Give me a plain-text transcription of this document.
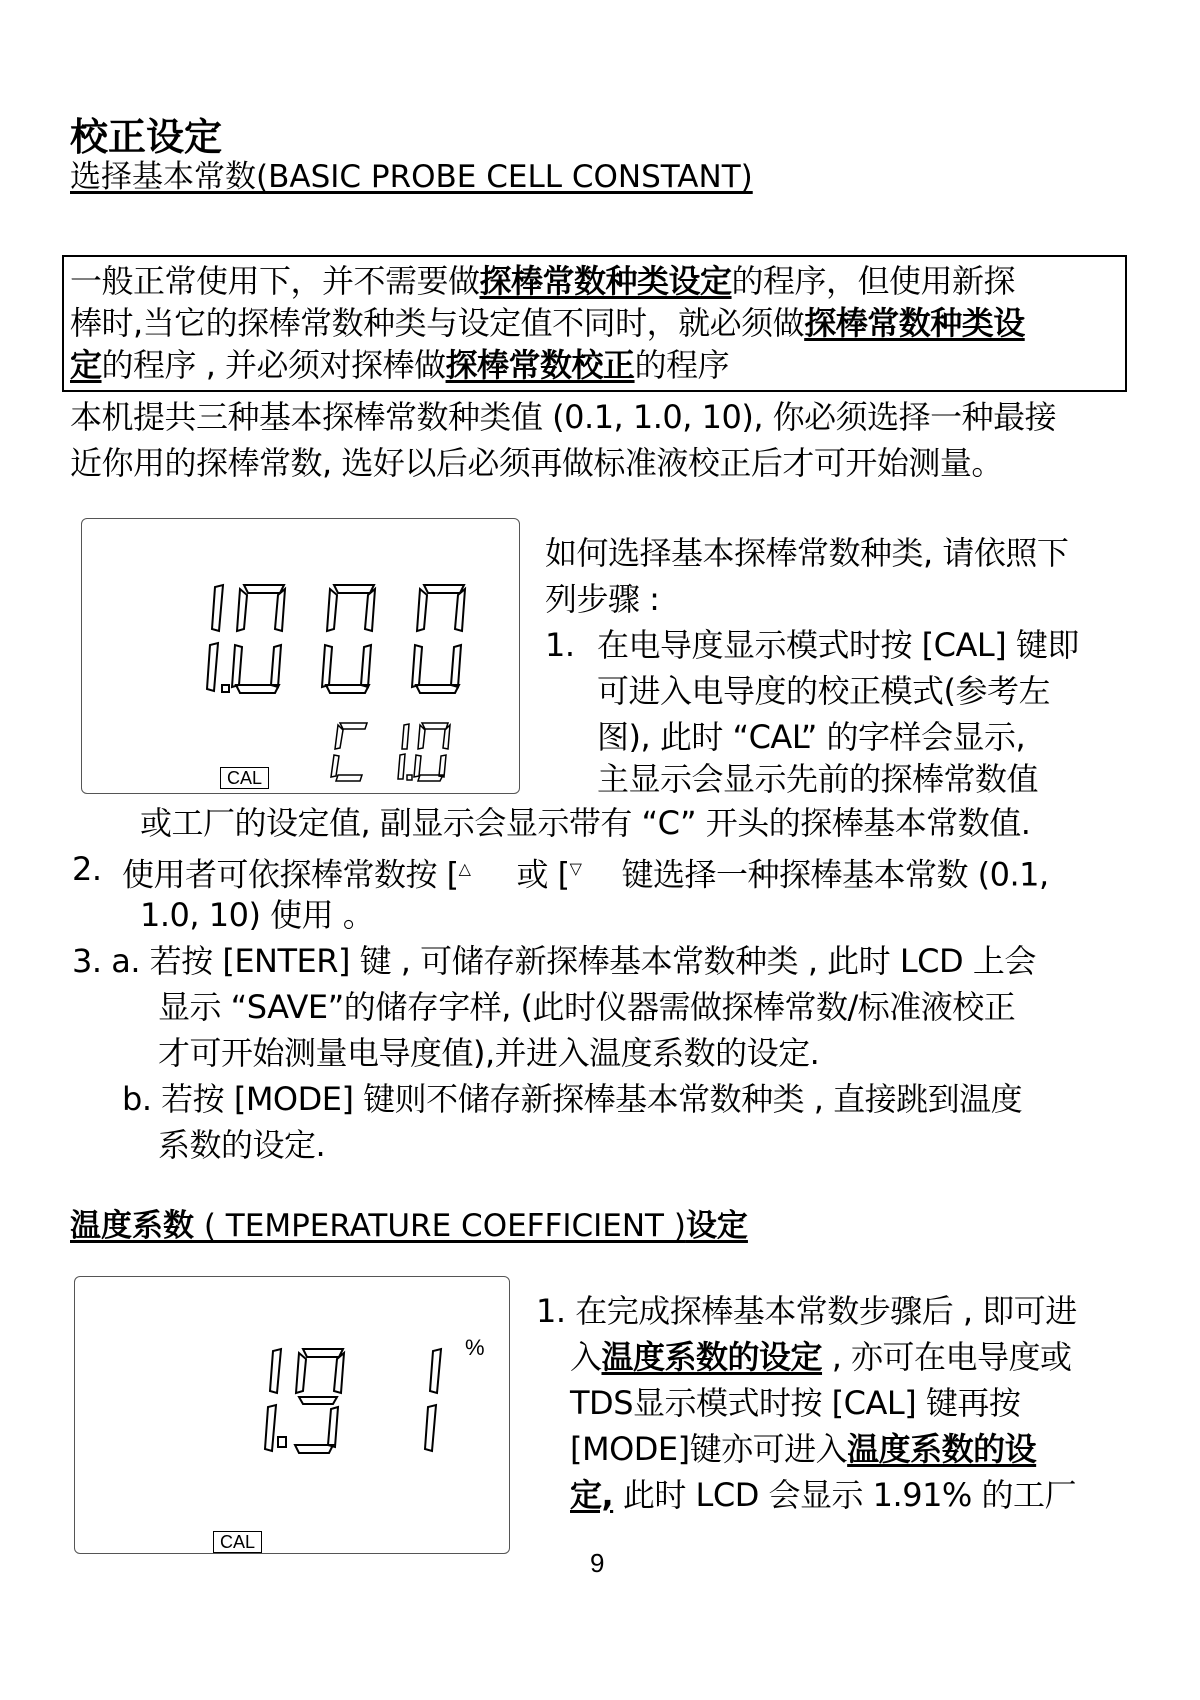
校正设定
选择基本常数(BASIC PROBE CELL CONSTANT)
一般正常使用下，并不需要做探棒常数种类设定的程序，但使用新探
棒时,当它的探棒常数种类与设定值不同时，就必须做探棒常数种类设
定的程序 , 并必须对探棒做探棒常数校正的程序
本机提共三种基本探棒常数种类值 (0.1, 1.0, 10), 你必须选择一种最接
近你用的探棒常数, 选好以后必须再做标准液校正后才可开始测量。
CAL
如何选择基本探棒常数种类, 请依照下
列步骤 :
1. 在电导度显示模式时按 [CAL] 键即
可进入电导度的校正模式(参考左
图), 此时 “CAL” 的字样会显示,
主显示会显示先前的探棒常数值
或工厂的设定值, 副显示会显示带有 “C” 开头的探棒基本常数值.
2. 使用者可依探棒常数按 [△ 或 [▽ 键选择一种探棒基本常数 (0.1,
1.0, 10) 使用 。
3. a. 若按 [ENTER] 键 , 可储存新探棒基本常数种类 , 此时 LCD 上会
显示 “SAVE”的储存字样, (此时仪器需做探棒常数/标准液校正
才可开始测量电导度值),并进入温度系数的设定.
b. 若按 [MODE] 键则不储存新探棒基本常数种类 , 直接跳到温度
系数的设定.
温度系数 ( TEMPERATURE COEFFICIENT )设定
%
CAL
1. 在完成探棒基本常数步骤后 , 即可进
入温度系数的设定 , 亦可在电导度或
TDS显示模式时按 [CAL] 键再按
[MODE]键亦可进入温度系数的设
定, 此时 LCD 会显示 1.91% 的工厂
9
